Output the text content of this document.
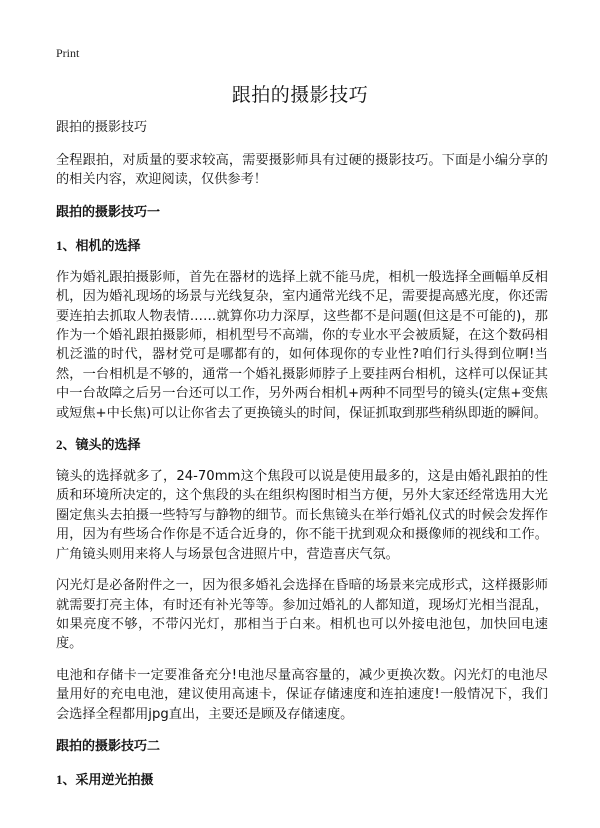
Print
跟拍的摄影技巧

跟拍的摄影技巧

全程跟拍，对质量的要求较高，需要摄影师具有过硬的摄影技巧。下面是小编分享的的相关内容，欢迎阅读，仅供参考！

跟拍的摄影技巧一

1、相机的选择

作为婚礼跟拍摄影师，首先在器材的选择上就不能马虎，相机一般选择全画幅单反相机，因为婚礼现场的场景与光线复杂，室内通常光线不足，需要提高感光度，你还需要连拍去抓取人物表情……就算你功力深厚，这些都不是问题(但这是不可能的)，那作为一个婚礼跟拍摄影师，相机型号不高端，你的专业水平会被质疑，在这个数码相机泛滥的时代，器材党可是哪都有的，如何体现你的专业性?咱们行头得到位啊!当然，一台相机是不够的，通常一个婚礼摄影师脖子上要挂两台相机，这样可以保证其中一台故障之后另一台还可以工作，另外两台相机+两种不同型号的镜头(定焦+变焦或短焦+中长焦)可以让你省去了更换镜头的时间，保证抓取到那些稍纵即逝的瞬间。

2、镜头的选择

镜头的选择就多了，24-70mm这个焦段可以说是使用最多的，这是由婚礼跟拍的性质和环境所决定的，这个焦段的头在组织构图时相当方便，另外大家还经常选用大光圈定焦头去拍摄一些特写与静物的细节。而长焦镜头在举行婚礼仪式的时候会发挥作用，因为有些场合作你是不适合近身的，你不能干扰到观众和摄像师的视线和工作。广角镜头则用来将人与场景包含进照片中，营造喜庆气氛。

闪光灯是必备附件之一，因为很多婚礼会选择在昏暗的场景来完成形式，这样摄影师就需要打亮主体，有时还有补光等等。参加过婚礼的人都知道，现场灯光相当混乱，如果亮度不够，不带闪光灯，那相当于白来。相机也可以外接电池包，加快回电速度。

电池和存储卡一定要准备充分!电池尽量高容量的，减少更换次数。闪光灯的电池尽量用好的充电电池，建议使用高速卡，保证存储速度和连拍速度!一般情况下，我们会选择全程都用jpg直出，主要还是顾及存储速度。

跟拍的摄影技巧二

1、采用逆光拍摄
